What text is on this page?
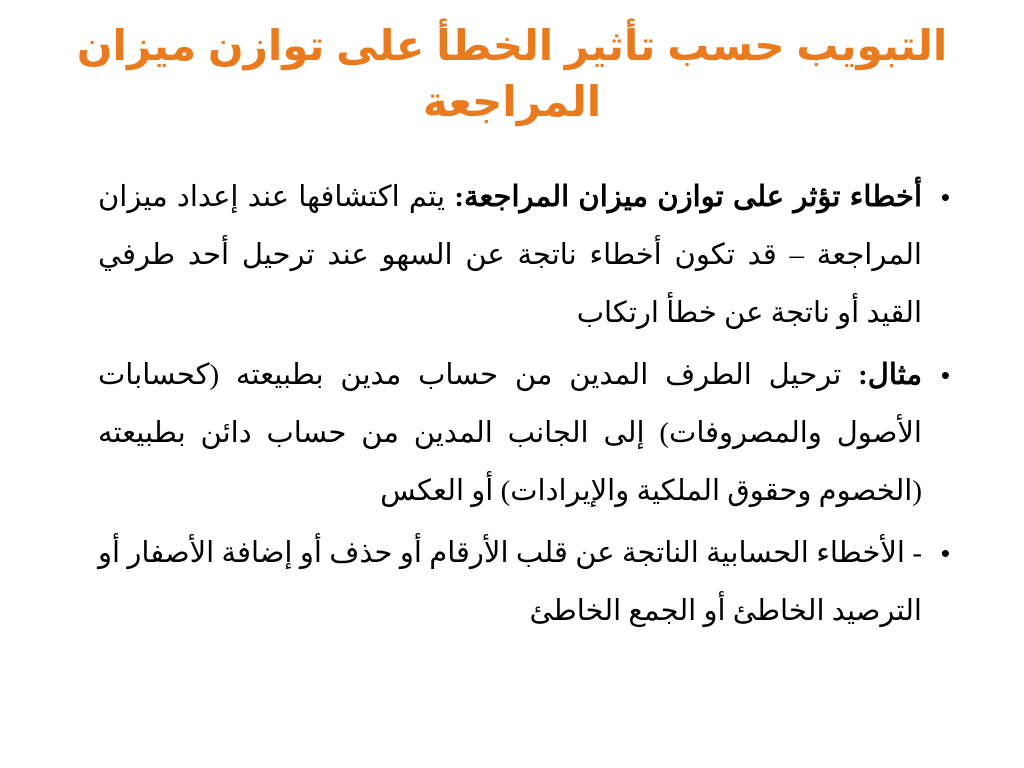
التبويب حسب تأثير الخطأ على توازن ميزان
المراجعة
•
أخطاء تؤثر على توازن ميزان المراجعة: يتم اكتشافها عند إعداد ميزان المراجعة – قد تكون أخطاء ناتجة عن السهو عند ترحيل أحد طرفي القيد أو ناتجة عن خطأ ارتكاب
•
مثال: ترحيل الطرف المدين من حساب مدين بطبيعته (كحسابات الأصول والمصروفات) إلى الجانب المدين من حساب دائن بطبيعته (الخصوم وحقوق الملكية والإيرادات) أو العكس
•
- الأخطاء الحسابية الناتجة عن قلب الأرقام أو حذف أو إضافة الأصفار أو الترصيد الخاطئ أو الجمع الخاطئ
